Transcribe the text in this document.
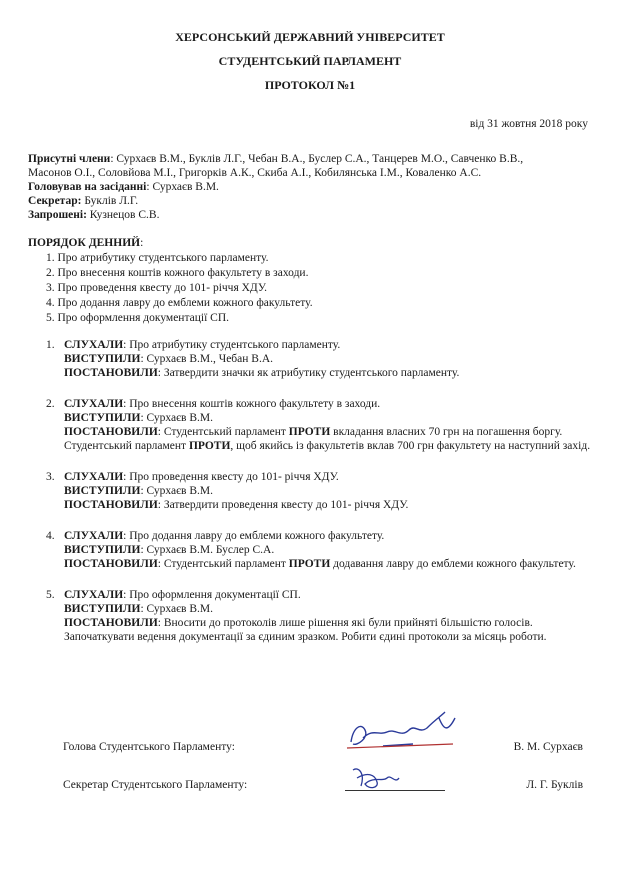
ХЕРСОНСЬКИЙ ДЕРЖАВНИЙ УНІВЕРСИТЕТ
СТУДЕНТСЬКИЙ ПАРЛАМЕНТ
ПРОТОКОЛ №1
від 31 жовтня 2018 року
Присутні члени: Сурхаєв В.М., Буклів Л.Г., Чебан В.А., Буслер С.А., Танцерев М.О., Савченко В.В.,
Масонов О.І., Соловйова М.І., Григорків А.К., Скиба А.І., Кобилянська І.М., Коваленко А.С.
Головував на засіданні: Сурхаєв В.М.
Секретар: Буклів Л.Г.
Запрошені: Кузнецов С.В.
ПОРЯДОК ДЕННИЙ:
1. Про атрибутику студентського парламенту.
2. Про внесення коштів кожного факультету в заходи.
3. Про проведення квесту до 101- річчя ХДУ.
4. Про додання лавру до емблеми кожного факультету.
5. Про оформлення документації СП.
1. СЛУХАЛИ: Про атрибутику студентського парламенту.
ВИСТУПИЛИ: Сурхаєв В.М., Чебан В.А.
ПОСТАНОВИЛИ: Затвердити значки як атрибутику студентського парламенту.
2. СЛУХАЛИ: Про внесення коштів кожного факультету в заходи.
ВИСТУПИЛИ: Сурхаєв В.М.
ПОСТАНОВИЛИ: Студентський парламент ПРОТИ вкладання власних 70 грн на погашення боргу. Студентський парламент ПРОТИ, щоб якийсь із факультетів вклав 700 грн факультету на наступний захід.
3. СЛУХАЛИ: Про проведення квесту до 101- річчя ХДУ.
ВИСТУПИЛИ: Сурхаєв В.М.
ПОСТАНОВИЛИ: Затвердити проведення квесту до 101- річчя ХДУ.
4. СЛУХАЛИ: Про додання лавру до емблеми кожного факультету.
ВИСТУПИЛИ: Сурхаєв В.М. Буслер С.А.
ПОСТАНОВИЛИ: Студентський парламент ПРОТИ додавання лавру до емблеми кожного факультету.
5. СЛУХАЛИ: Про оформлення документації СП.
ВИСТУПИЛИ: Сурхаєв В.М.
ПОСТАНОВИЛИ: Вносити до протоколів лише рішення які були прийняті більшістю голосів. Започаткувати ведення документації за єдиним зразком. Робити єдині протоколи за місяць роботи.
Голова Студентського Парламенту:	В. М. Сурхаєв
Секретар Студентського Парламенту:	Л. Г. Буклів
